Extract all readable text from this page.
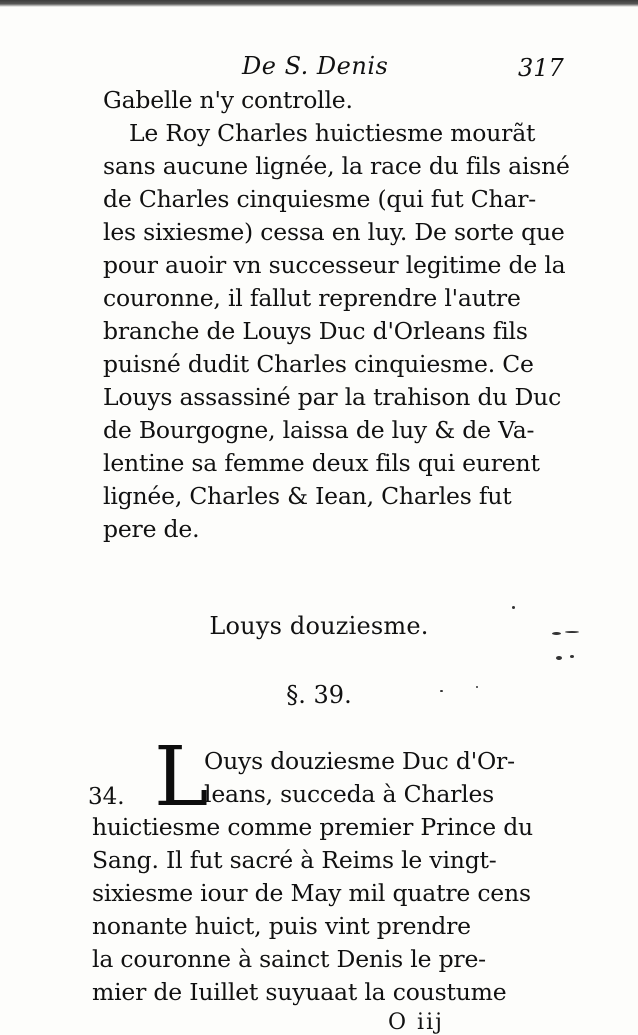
De S. Denis	317
Gabelle n'y controlle.
Le Roy Charles huictiesme mourãt
sans aucune lignée, la race du fils aisné
de Charles cinquiesme (qui fut Char-
les sixiesme) cessa en luy. De sorte que
pour auoir vn successeur legitime de la
couronne, il fallut reprendre l'autre
branche de Louys Duc d'Orleans fils
puisné dudit Charles cinquiesme. Ce
Louys assassiné par la trahison du Duc
de Bourgogne, laissa de luy & de Va-
lentine sa femme deux fils qui eurent
lignée, Charles & Iean, Charles fut
pere de.
Louys douziesme.
§. 39.
L
34.
Ouys douziesme Duc d'Or-
leans, succeda à Charles
huictiesme comme premier Prince du
Sang. Il fut sacré à Reims le vingt-
sixiesme iour de May mil quatre cens
nonante huict, puis vint prendre
la couronne à sainct Denis le pre-
mier de Iuillet suyuaat la coustume
O iij
